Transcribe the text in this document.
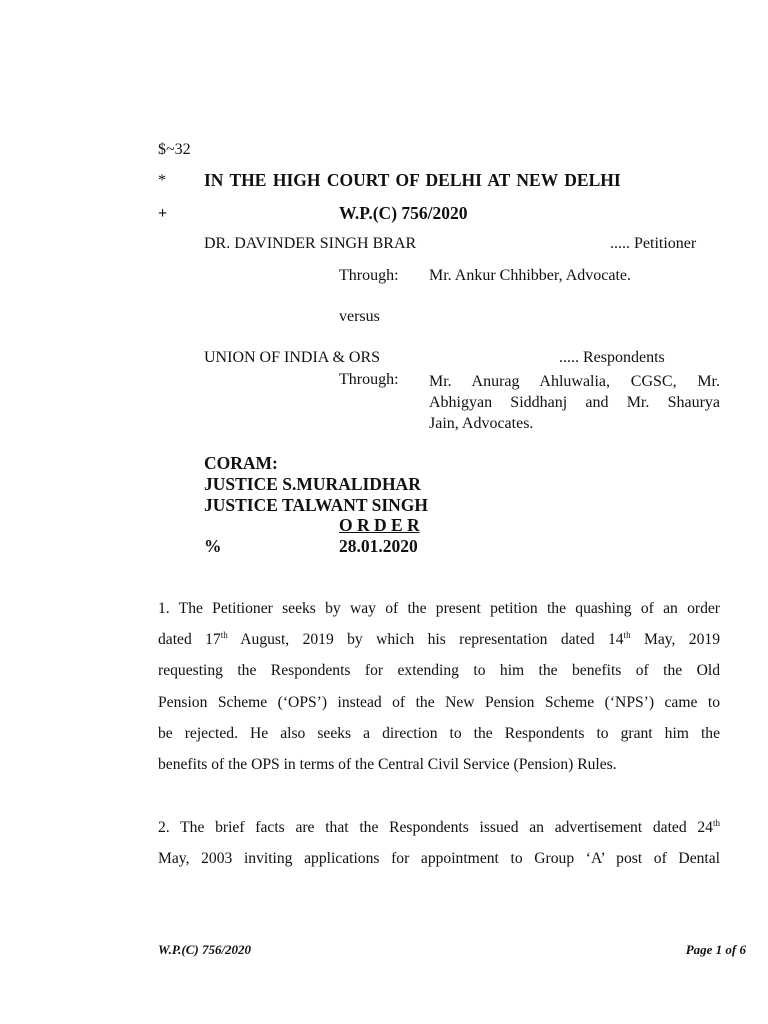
$~32
* IN THE HIGH COURT OF DELHI AT NEW DELHI
+	W.P.(C) 756/2020
DR. DAVINDER SINGH BRAR	..... Petitioner
Through: Mr. Ankur Chhibber, Advocate.
versus
UNION OF INDIA & ORS	..... Respondents
Through: Mr. Anurag Ahluwalia, CGSC, Mr.
Abhigyan Siddhanj and Mr. Shaurya
Jain, Advocates.
CORAM:
JUSTICE S.MURALIDHAR
JUSTICE TALWANT SINGH
O R D E R
%	28.01.2020
1. The Petitioner seeks by way of the present petition the quashing of an order
dated 17th August, 2019 by which his representation dated 14th May, 2019
requesting the Respondents for extending to him the benefits of the Old
Pension Scheme (‘OPS’) instead of the New Pension Scheme (‘NPS’) came to
be rejected. He also seeks a direction to the Respondents to grant him the
benefits of the OPS in terms of the Central Civil Service (Pension) Rules.
2. The brief facts are that the Respondents issued an advertisement dated 24th
May, 2003 inviting applications for appointment to Group ‘A’ post of Dental
W.P.(C) 756/2020	Page 1 of 6
